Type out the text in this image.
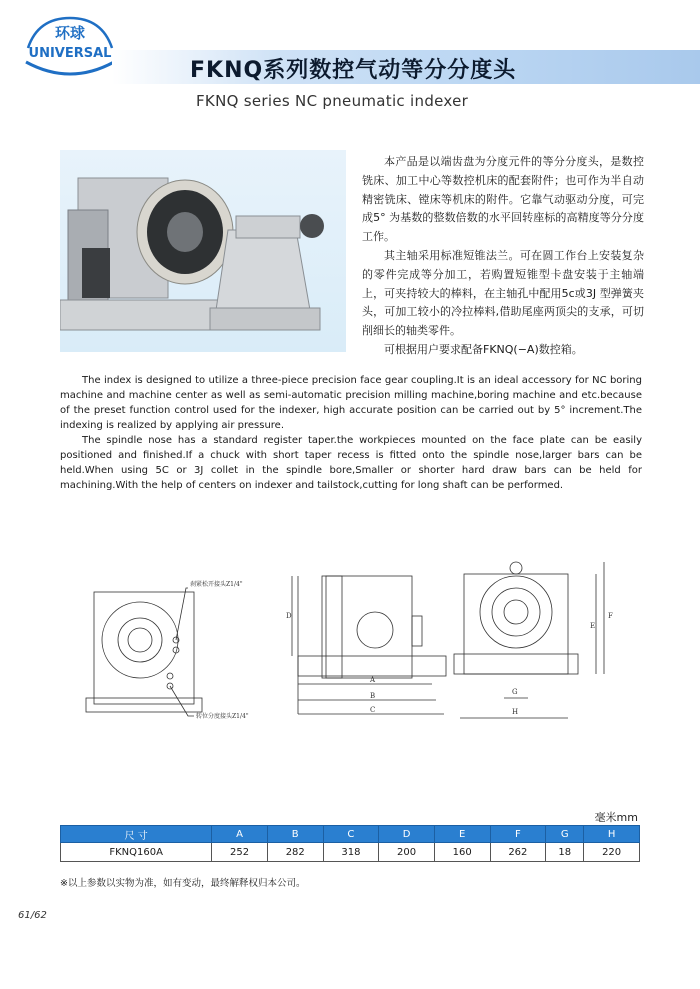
环球
UNIVERSAL
FKNQ系列数控气动等分分度头
FKNQ series NC pneumatic indexer

本产品是以端齿盘为分度元件的等分分度头，是数控铣床、加工中心等数控机床的配套附件；也可作为半自动精密铣床、镗床等机床的附件。它靠气动驱动分度，可完成5° 为基数的整数倍数的水平回转座标的高精度等分分度工作。

其主轴采用标准短锥法兰。可在圆工作台上安装复杂的零件完成等分加工，若购置短锥型卡盘安装于主轴端上，可夹持较大的棒料，在主轴孔中配用5c或3J 型弹簧夹头，可加工较小的冷拉棒料,借助尾座两顶尖的支承，可切削细长的轴类零件。

可根据用户要求配备FKNQ(−A)数控箱。

The index is designed to utilize a three-piece precision face gear coupling.It is an ideal accessory for NC boring machine and machine center as well as semi-automatic precision milling machine,boring machine and etc.because of the preset function control used for the indexer, high accurate position can be carried out by 5° increment.The indexing is realized by applying air pressure.

The spindle nose has a standard register taper.the workpieces mounted on the face plate can be easily positioned and finished.If a chuck with short taper recess is fitted onto the spindle nose,larger bars can be held.When using 5C or 3J collet in the spindle bore,Smaller or shorter hard draw bars can be held for machining.With the help of centers on indexer and tailstock,cutting for long shaft can be performed.

刹紧松开接头Z1/4"
转位分度接头Z1/4"
D
A
B
C
E
F
G
H
毫米mm
尺 寸	A	B	C	D	E	F	G	H
FKNQ160A	252	282	318	200	160	262	18	220
※以上参数以实物为准，如有变动，最终解释权归本公司。
61/62
